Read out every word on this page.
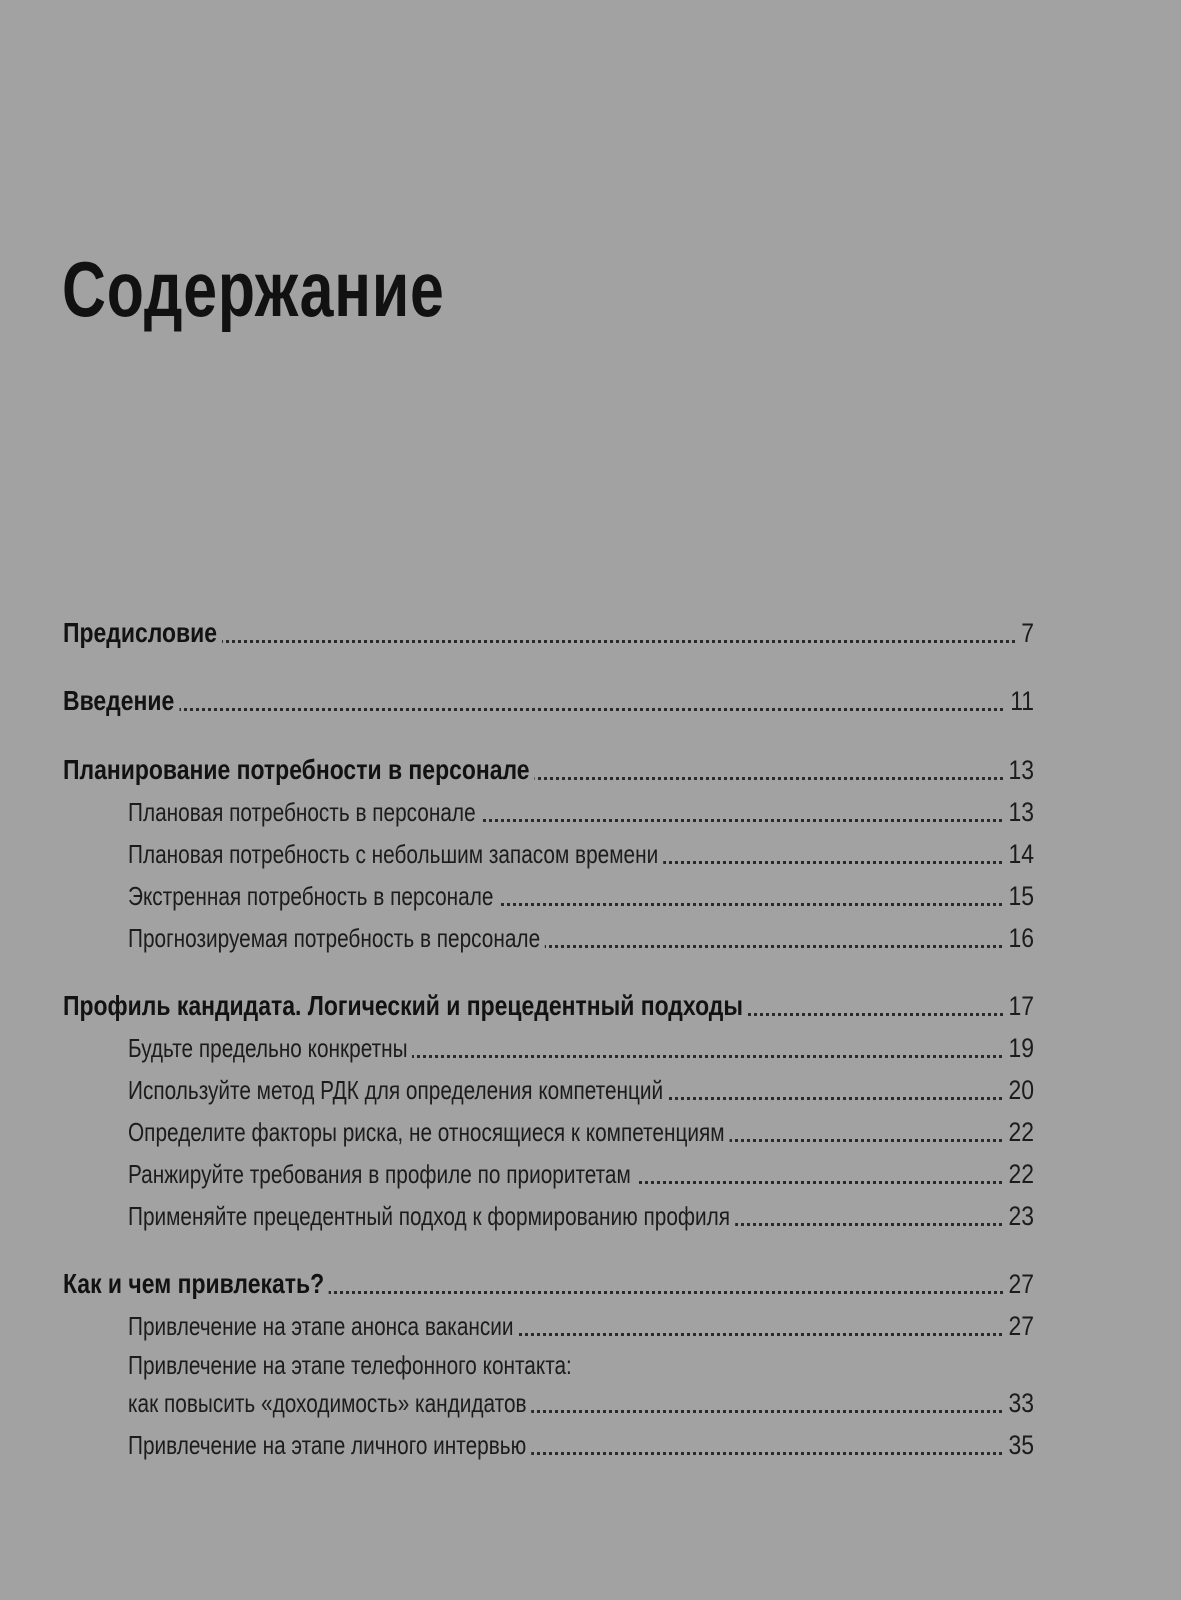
Содержание
Предисловие	7
Введение	11
Планирование потребности в персонале	13
Плановая потребность в персонале	13
Плановая потребность с небольшим запасом времени	14
Экстренная потребность в персонале	15
Прогнозируемая потребность в персонале	16
Профиль кандидата. Логический и прецедентный подходы	17
Будьте предельно конкретны	19
Используйте метод РДК для определения компетенций	20
Определите факторы риска, не относящиеся к компетенциям	22
Ранжируйте требования в профиле по приоритетам	22
Применяйте прецедентный подход к формированию профиля	23
Как и чем привлекать?	27
Привлечение на этапе анонса вакансии	27
Привлечение на этапе телефонного контакта:
как повысить «доходимость» кандидатов	33
Привлечение на этапе личного интервью	35
